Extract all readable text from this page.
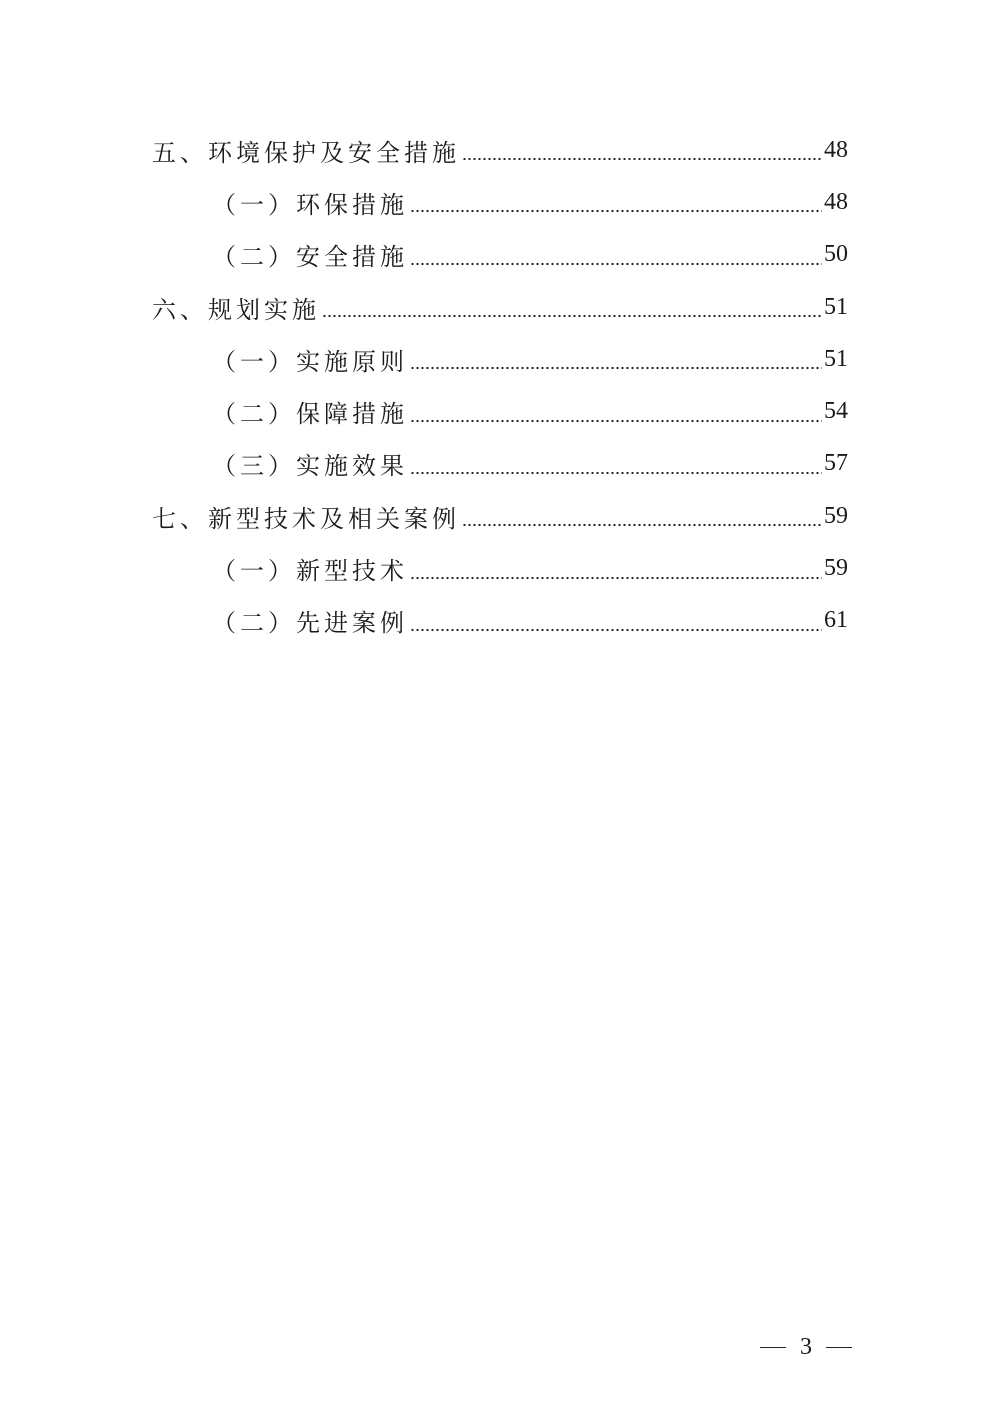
五、环境保护及安全措施	48
（一）环保措施	48
（二）安全措施	50
六、规划实施	51
（一）实施原则	51
（二）保障措施	54
（三）实施效果	57
七、新型技术及相关案例	59
（一）新型技术	59
（二）先进案例	61
3
